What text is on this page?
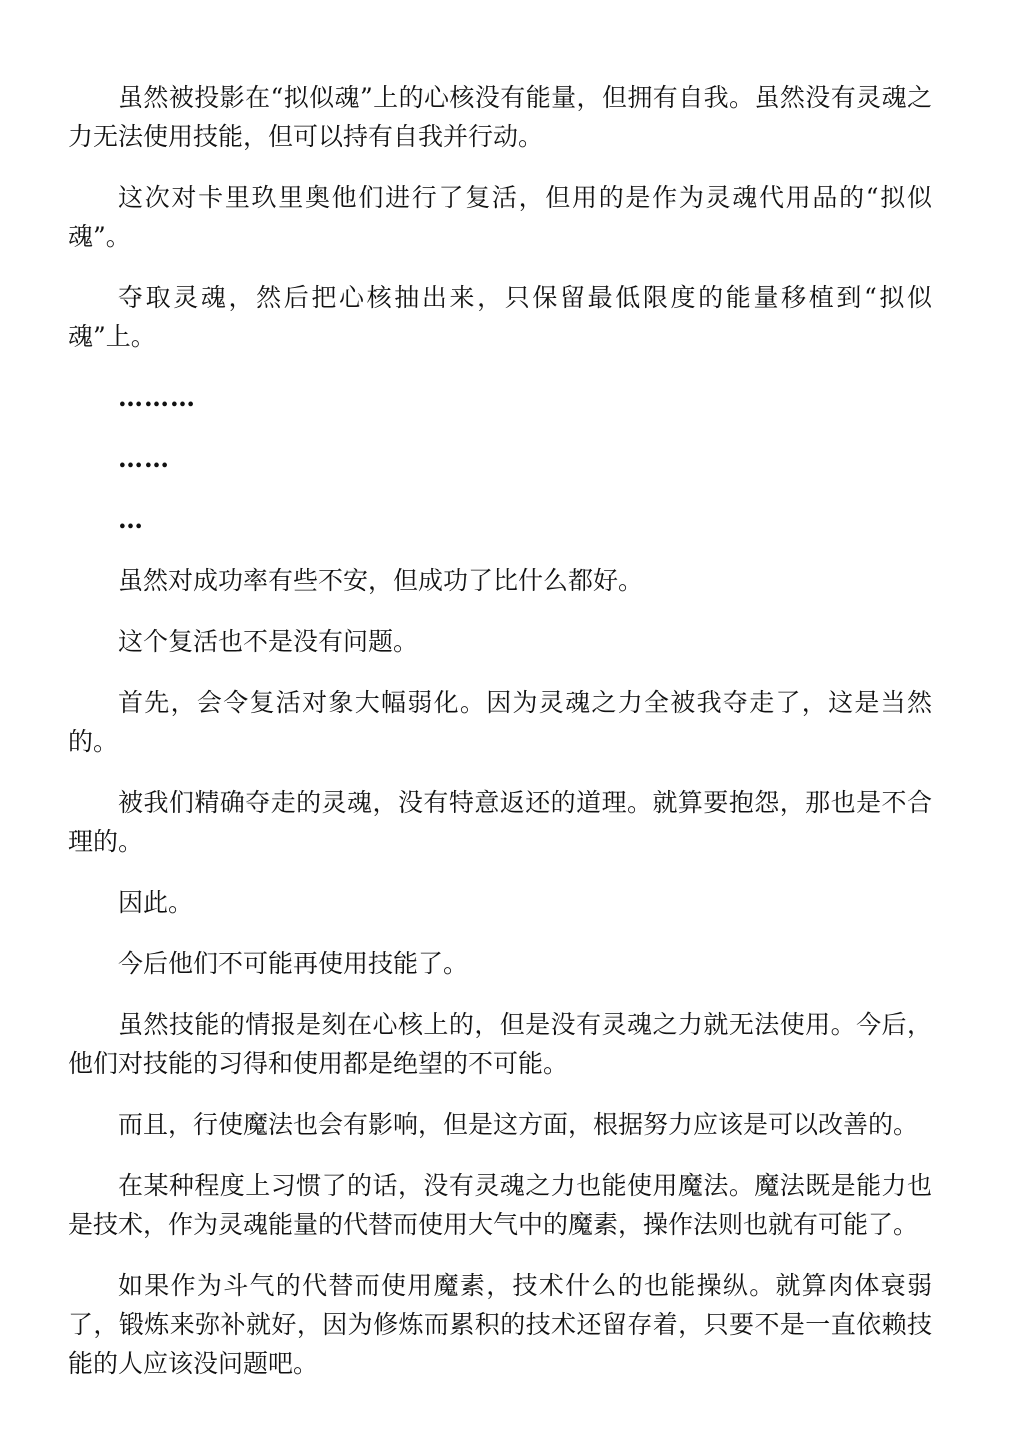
虽然被投影在“拟似魂”上的心核没有能量，但拥有自我。虽然没有灵魂之力无法使用技能，但可以持有自我并行动。

这次对卡里玖里奥他们进行了复活，但用的是作为灵魂代用品的“拟似魂”。

夺取灵魂，然后把心核抽出来，只保留最低限度的能量移植到“拟似魂”上。

………

……

…

虽然对成功率有些不安，但成功了比什么都好。

这个复活也不是没有问题。

首先，会令复活对象大幅弱化。因为灵魂之力全被我夺走了，这是当然的。

被我们精确夺走的灵魂，没有特意返还的道理。就算要抱怨，那也是不合理的。

因此。

今后他们不可能再使用技能了。

虽然技能的情报是刻在心核上的，但是没有灵魂之力就无法使用。今后，他们对技能的习得和使用都是绝望的不可能。

而且，行使魔法也会有影响，但是这方面，根据努力应该是可以改善的。

在某种程度上习惯了的话，没有灵魂之力也能使用魔法。魔法既是能力也是技术，作为灵魂能量的代替而使用大气中的魔素，操作法则也就有可能了。

如果作为斗气的代替而使用魔素，技术什么的也能操纵。就算肉体衰弱了，锻炼来弥补就好，因为修炼而累积的技术还留存着，只要不是一直依赖技能的人应该没问题吧。
